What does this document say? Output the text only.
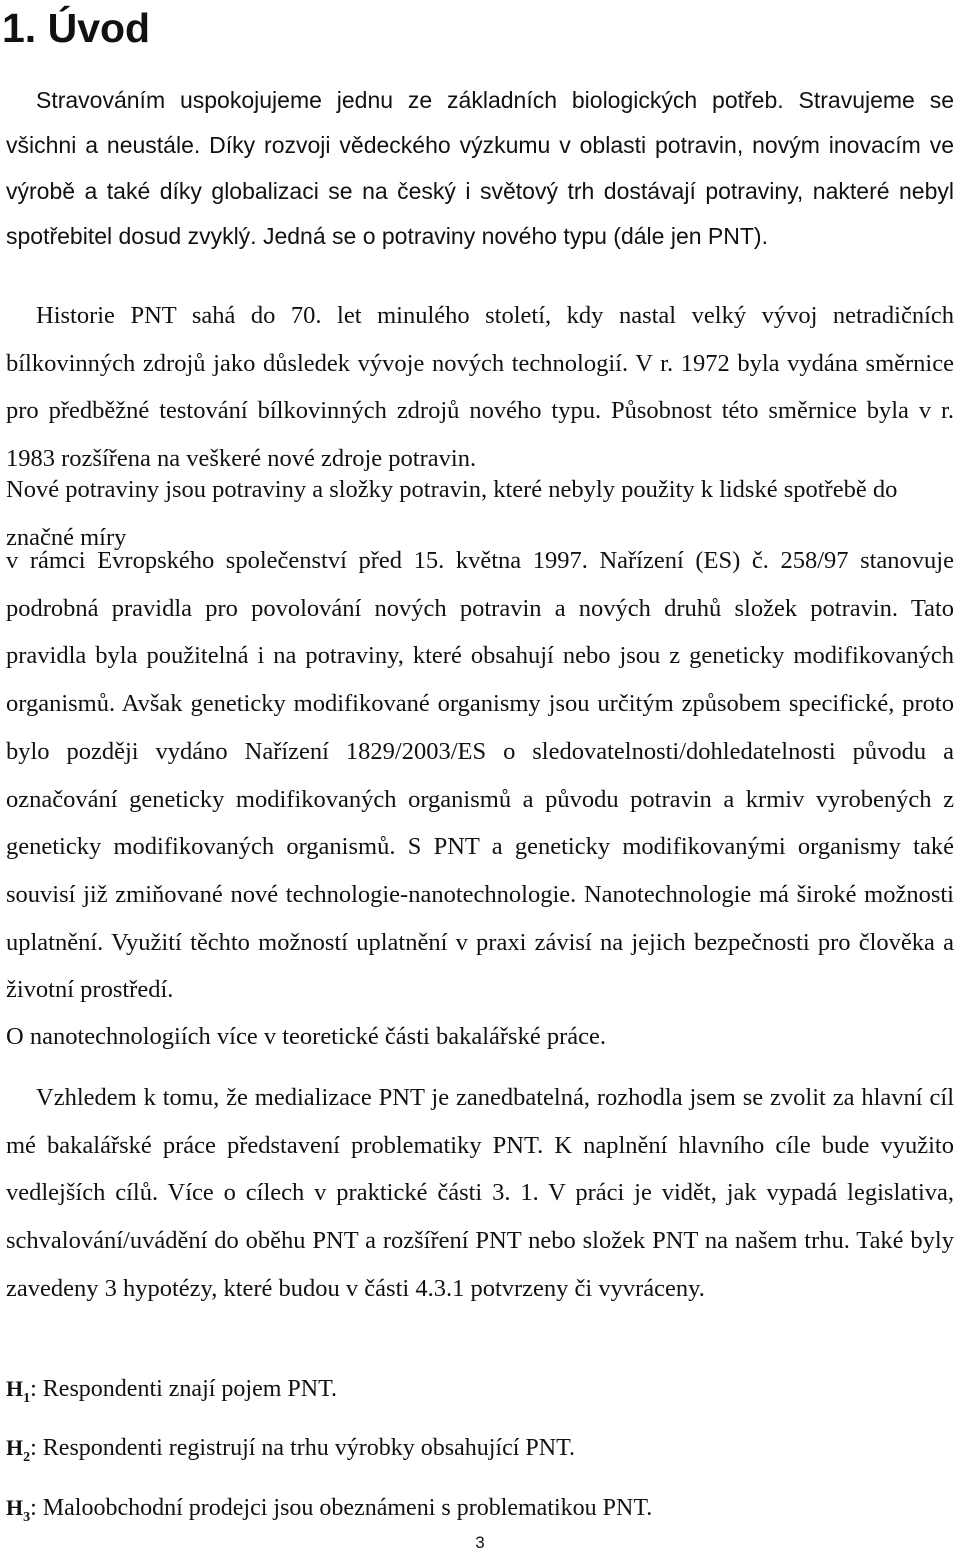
1. Úvod

Stravováním uspokojujeme jednu ze základních biologických potřeb. Stravujeme se všichni a neustále. Díky rozvoji vědeckého výzkumu v oblasti potravin, novým inovacím ve výrobě a také díky globalizaci se na český i světový trh dostávají potraviny, nakteré nebyl spotřebitel dosud zvyklý. Jedná se o potraviny nového typu (dále jen PNT).

Historie PNT sahá do 70. let minulého století, kdy nastal velký vývoj netradičních bílkovinných zdrojů jako důsledek vývoje nových technologií. V r. 1972 byla vydána směrnice pro předběžné testování bílkovinných zdrojů nového typu. Působnost této směrnice byla v r. 1983 rozšířena na veškeré nové zdroje potravin.

Nové potraviny jsou potraviny a složky potravin, které nebyly použity k lidské spotřebě do značné míry

v rámci Evropského společenství před 15. května 1997. Nařízení (ES) č. 258/97 stanovuje podrobná pravidla pro povolování nových potravin a nových druhů složek potravin. Tato pravidla byla použitelná i na potraviny, které obsahují nebo jsou z geneticky modifikovaných organismů. Avšak geneticky modifikované organismy jsou určitým způsobem specifické, proto bylo později vydáno Nařízení 1829/2003/ES o sledovatelnosti/dohledatelnosti původu a označování geneticky modifikovaných organismů a původu potravin a krmiv vyrobených z geneticky modifikovaných organismů. S PNT a geneticky modifikovanými organismy také souvisí již zmiňované nové technologie-nanotechnologie. Nanotechnologie má široké možnosti uplatnění. Využití těchto možností uplatnění v praxi závisí na jejich bezpečnosti pro člověka a životní prostředí.

O nanotechnologiích více v teoretické části bakalářské práce.

Vzhledem k tomu, že medializace PNT je zanedbatelná, rozhodla jsem se zvolit za hlavní cíl mé bakalářské práce představení problematiky PNT. K naplnění hlavního cíle bude využito vedlejších cílů. Více o cílech v praktické části 3. 1. V práci je vidět, jak vypadá legislativa, schvalování/uvádění do oběhu PNT a rozšíření PNT nebo složek PNT na našem trhu. Také byly zavedeny 3 hypotézy, které budou v části 4.3.1 potvrzeny či vyvráceny.

$H_1$: Respondenti znají pojem PNT.

$H_2$: Respondenti registrují na trhu výrobky obsahující PNT.

$H_3$: Maloobchodní prodejci jsou obeznámeni s problematikou PNT.

3
